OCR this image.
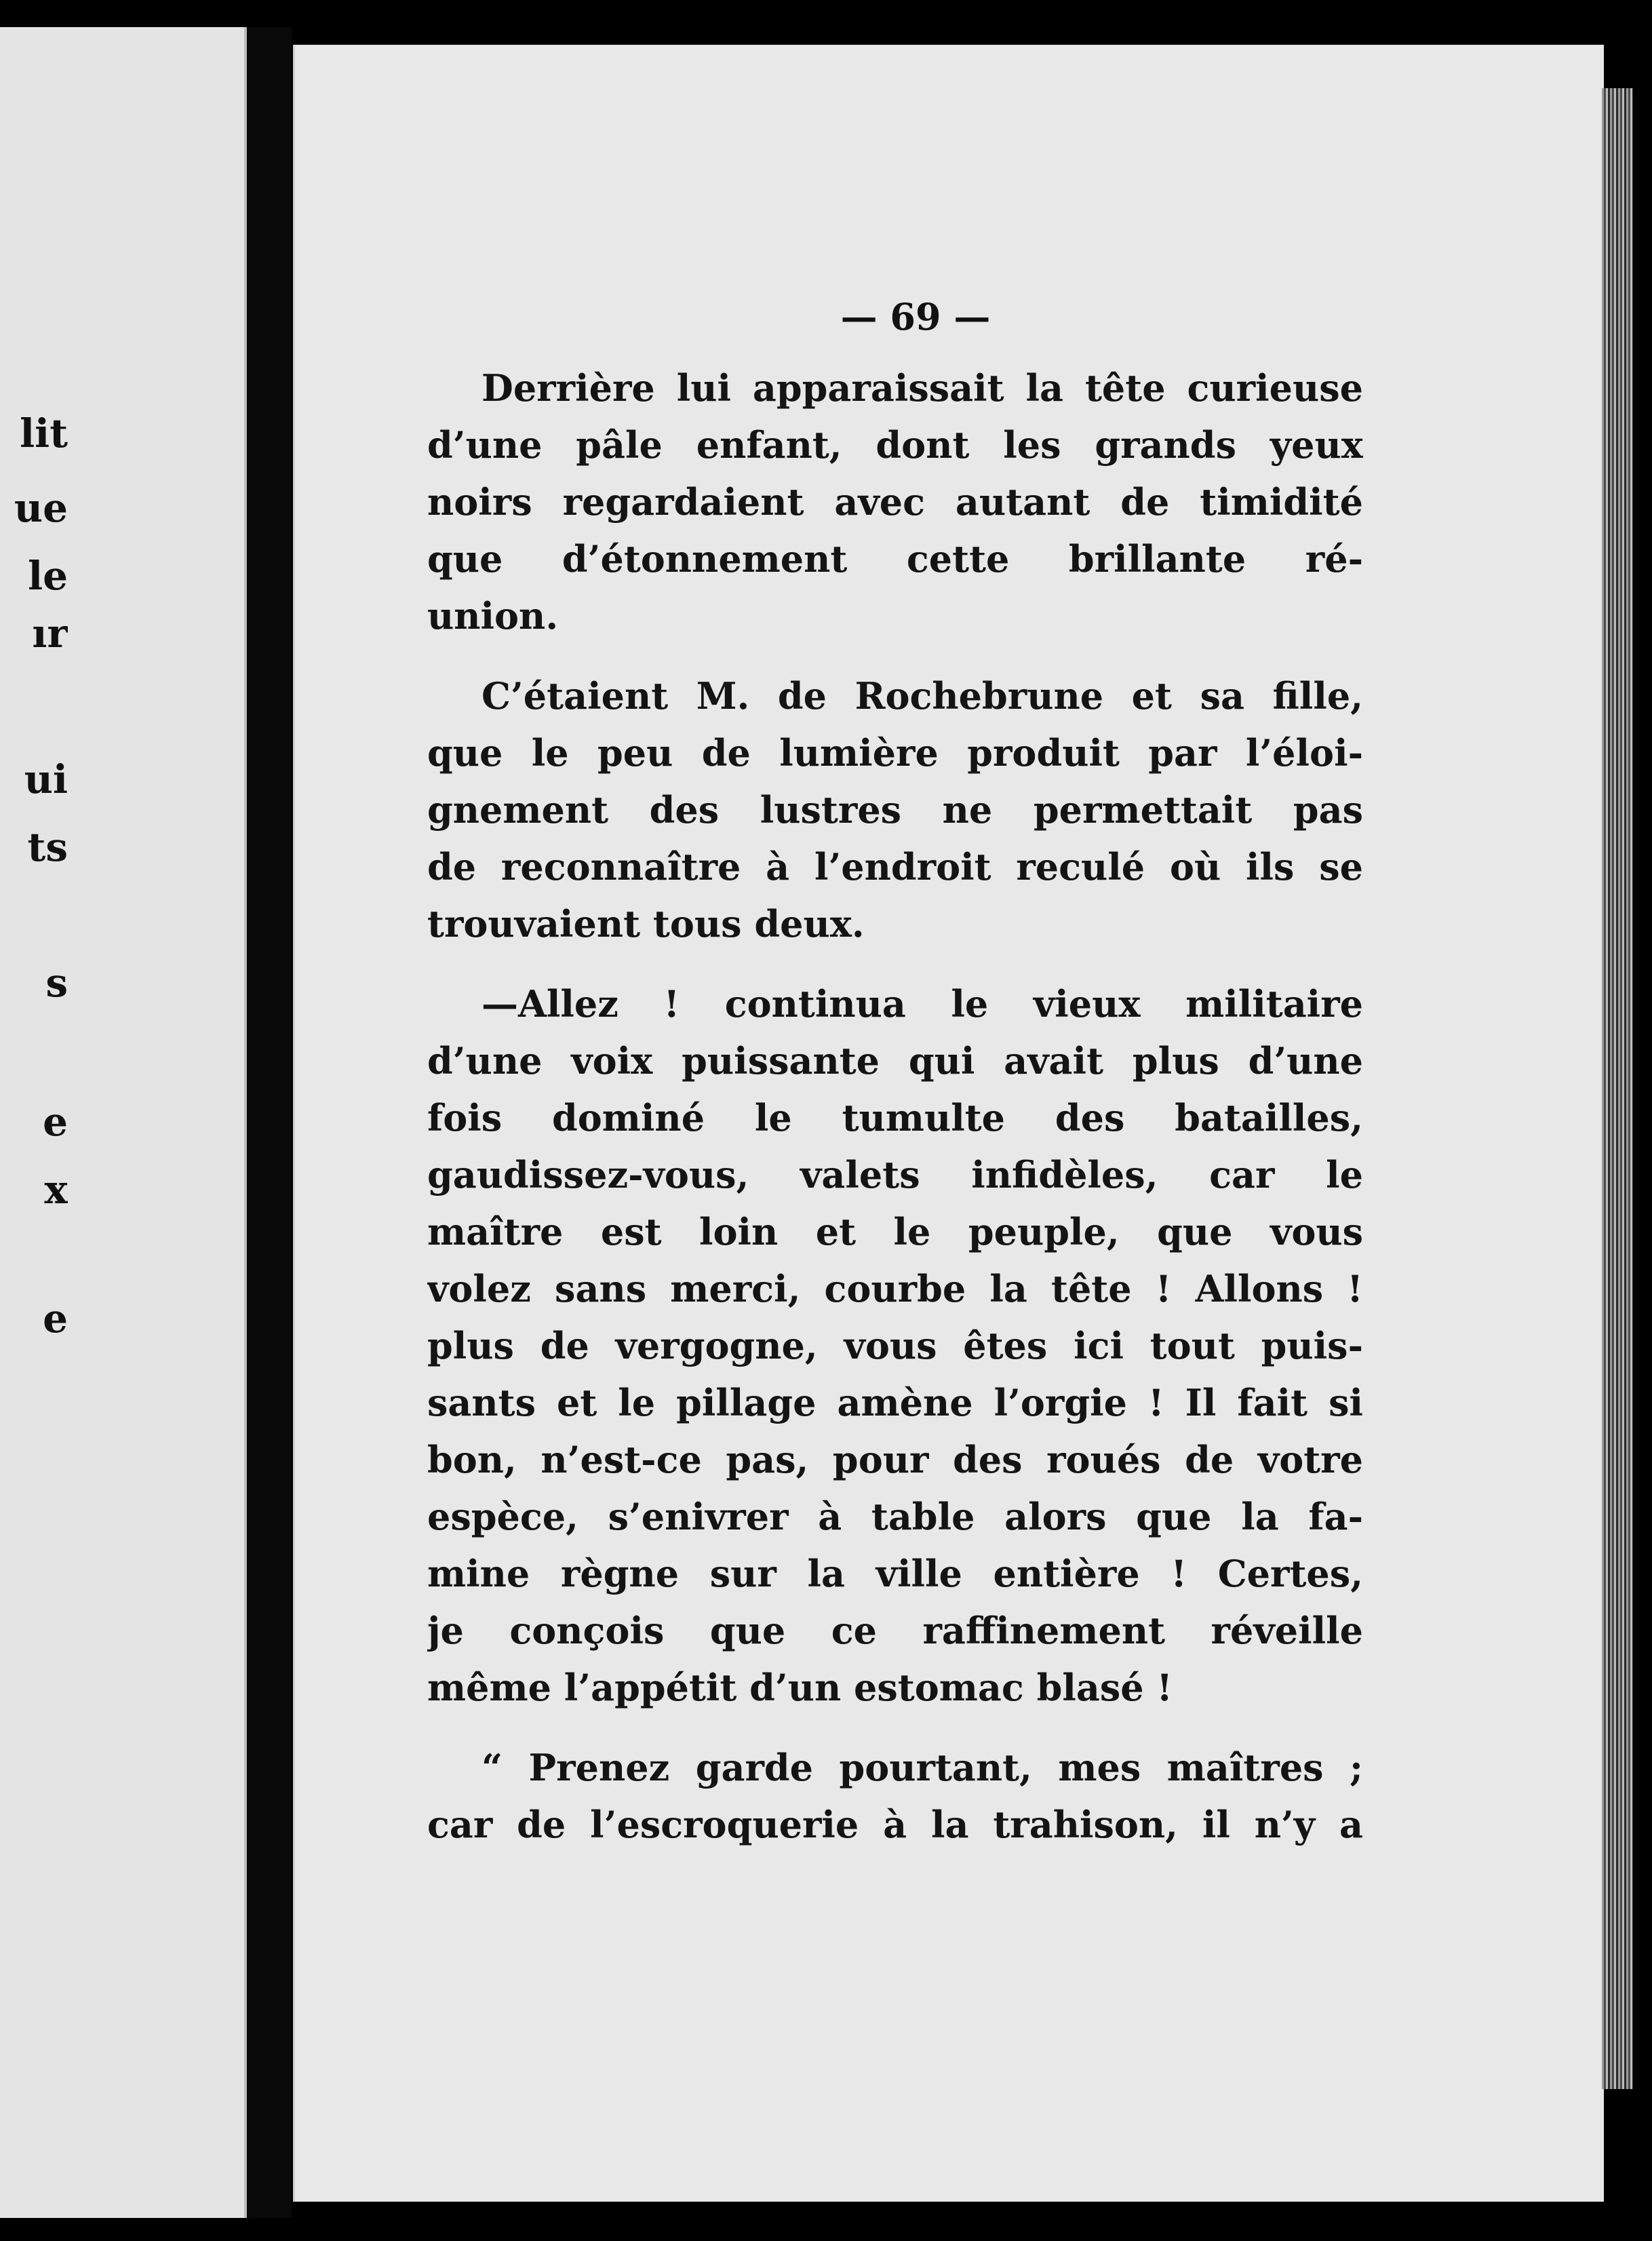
lit
ue
le
ır
ui
ts
s
e
x
e
— 69 —
Derrière lui apparaissait la tête curieuse
d’une pâle enfant, dont les grands yeux
noirs regardaient avec autant de timidité
que d’étonnement cette brillante ré-
union.
C’étaient M. de Rochebrune et sa fille,
que le peu de lumière produit par l’éloi-
gnement des lustres ne permettait pas
de reconnaître à l’endroit reculé où ils se
trouvaient tous deux.
—Allez ! continua le vieux militaire
d’une voix puissante qui avait plus d’une
fois dominé le tumulte des batailles,
gaudissez-vous, valets infidèles, car le
maître est loin et le peuple, que vous
volez sans merci, courbe la tête ! Allons !
plus de vergogne, vous êtes ici tout puis-
sants et le pillage amène l’orgie ! Il fait si
bon, n’est-ce pas, pour des roués de votre
espèce, s’enivrer à table alors que la fa-
mine règne sur la ville entière ! Certes,
je conçois que ce raffinement réveille
même l’appétit d’un estomac blasé !
“ Prenez garde pourtant, mes maîtres ;
car de l’escroquerie à la trahison, il n’y a
